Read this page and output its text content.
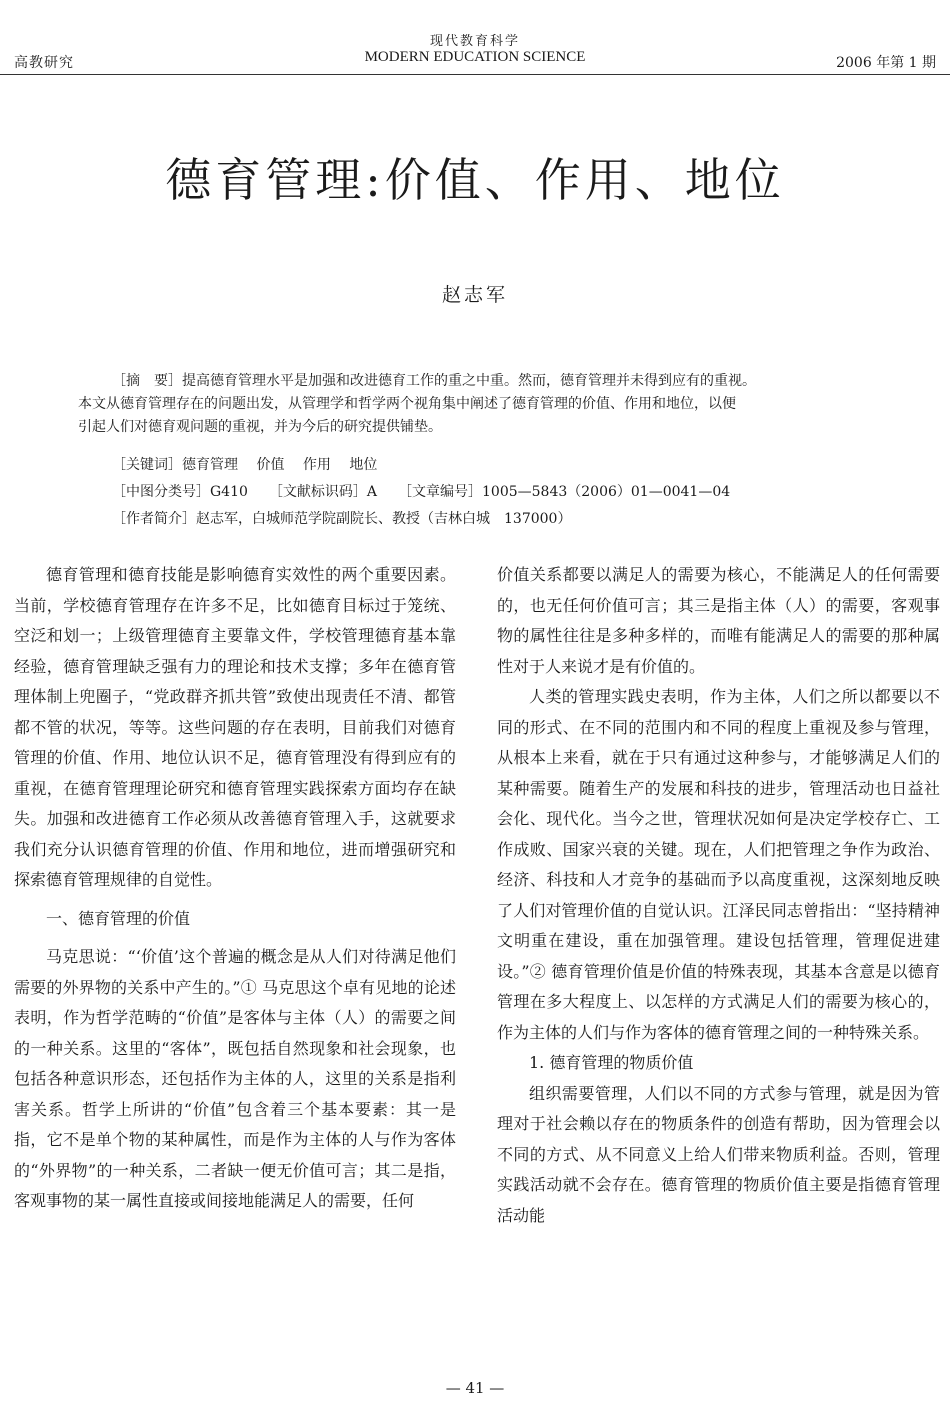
高教研究
现代教育科学
MODERN EDUCATION SCIENCE	2006 年第 1 期
德育管理:价值、作用、地位
赵志军

［摘　要］提高德育管理水平是加强和改进德育工作的重之中重。然而，德育管理并未得到应有的重视。

本文从德育管理存在的问题出发，从管理学和哲学两个视角集中阐述了德育管理的价值、作用和地位，以便

引起人们对德育观问题的重视，并为今后的研究提供铺垫。

［关键词］德育管理　 价值　 作用　 地位
［中图分类号］G410　　［文献标识码］A　　［文章编号］1005—5843（2006）01—0041—04
［作者简介］赵志军，白城师范学院副院长、教授（吉林白城　137000）

德育管理和德育技能是影响德育实效性的两个重要因素。当前，学校德育管理存在许多不足，比如德育目标过于笼统、空泛和划一；上级管理德育主要靠文件，学校管理德育基本靠经验，德育管理缺乏强有力的理论和技术支撑；多年在德育管理体制上兜圈子，“党政群齐抓共管”致使出现责任不清、都管都不管的状况，等等。这些问题的存在表明，目前我们对德育管理的价值、作用、地位认识不足，德育管理没有得到应有的重视，在德育管理理论研究和德育管理实践探索方面均存在缺失。加强和改进德育工作必须从改善德育管理入手，这就要求我们充分认识德育管理的价值、作用和地位，进而增强研究和探索德育管理规律的自觉性。

一、德育管理的价值

马克思说：“‘价值’这个普遍的概念是从人们对待满足他们需要的外界物的关系中产生的。”① 马克思这个卓有见地的论述表明，作为哲学范畴的“价值”是客体与主体（人）的需要之间的一种关系。这里的“客体”，既包括自然现象和社会现象，也包括各种意识形态，还包括作为主体的人，这里的关系是指利害关系。哲学上所讲的“价值”包含着三个基本要素：其一是指，它不是单个物的某种属性，而是作为主体的人与作为客体的“外界物”的一种关系，二者缺一便无价值可言；其二是指，客观事物的某一属性直接或间接地能满足人的需要，任何

价值关系都要以满足人的需要为核心，不能满足人的任何需要的，也无任何价值可言；其三是指主体（人）的需要，客观事物的属性往往是多种多样的，而唯有能满足人的需要的那种属性对于人来说才是有价值的。

人类的管理实践史表明，作为主体，人们之所以都要以不同的形式、在不同的范围内和不同的程度上重视及参与管理，从根本上来看，就在于只有通过这种参与，才能够满足人们的某种需要。随着生产的发展和科技的进步，管理活动也日益社会化、现代化。当今之世，管理状况如何是决定学校存亡、工作成败、国家兴衰的关键。现在，人们把管理之争作为政治、经济、科技和人才竞争的基础而予以高度重视，这深刻地反映了人们对管理价值的自觉认识。江泽民同志曾指出：“坚持精神文明重在建设，重在加强管理。建设包括管理，管理促进建设。”② 德育管理价值是价值的特殊表现，其基本含意是以德育管理在多大程度上、以怎样的方式满足人们的需要为核心的，作为主体的人们与作为客体的德育管理之间的一种特殊关系。

1. 德育管理的物质价值

组织需要管理，人们以不同的方式参与管理，就是因为管理对于社会赖以存在的物质条件的创造有帮助，因为管理会以不同的方式、从不同意义上给人们带来物质利益。否则，管理实践活动就不会存在。德育管理的物质价值主要是指德育管理活动能

— 41 —
